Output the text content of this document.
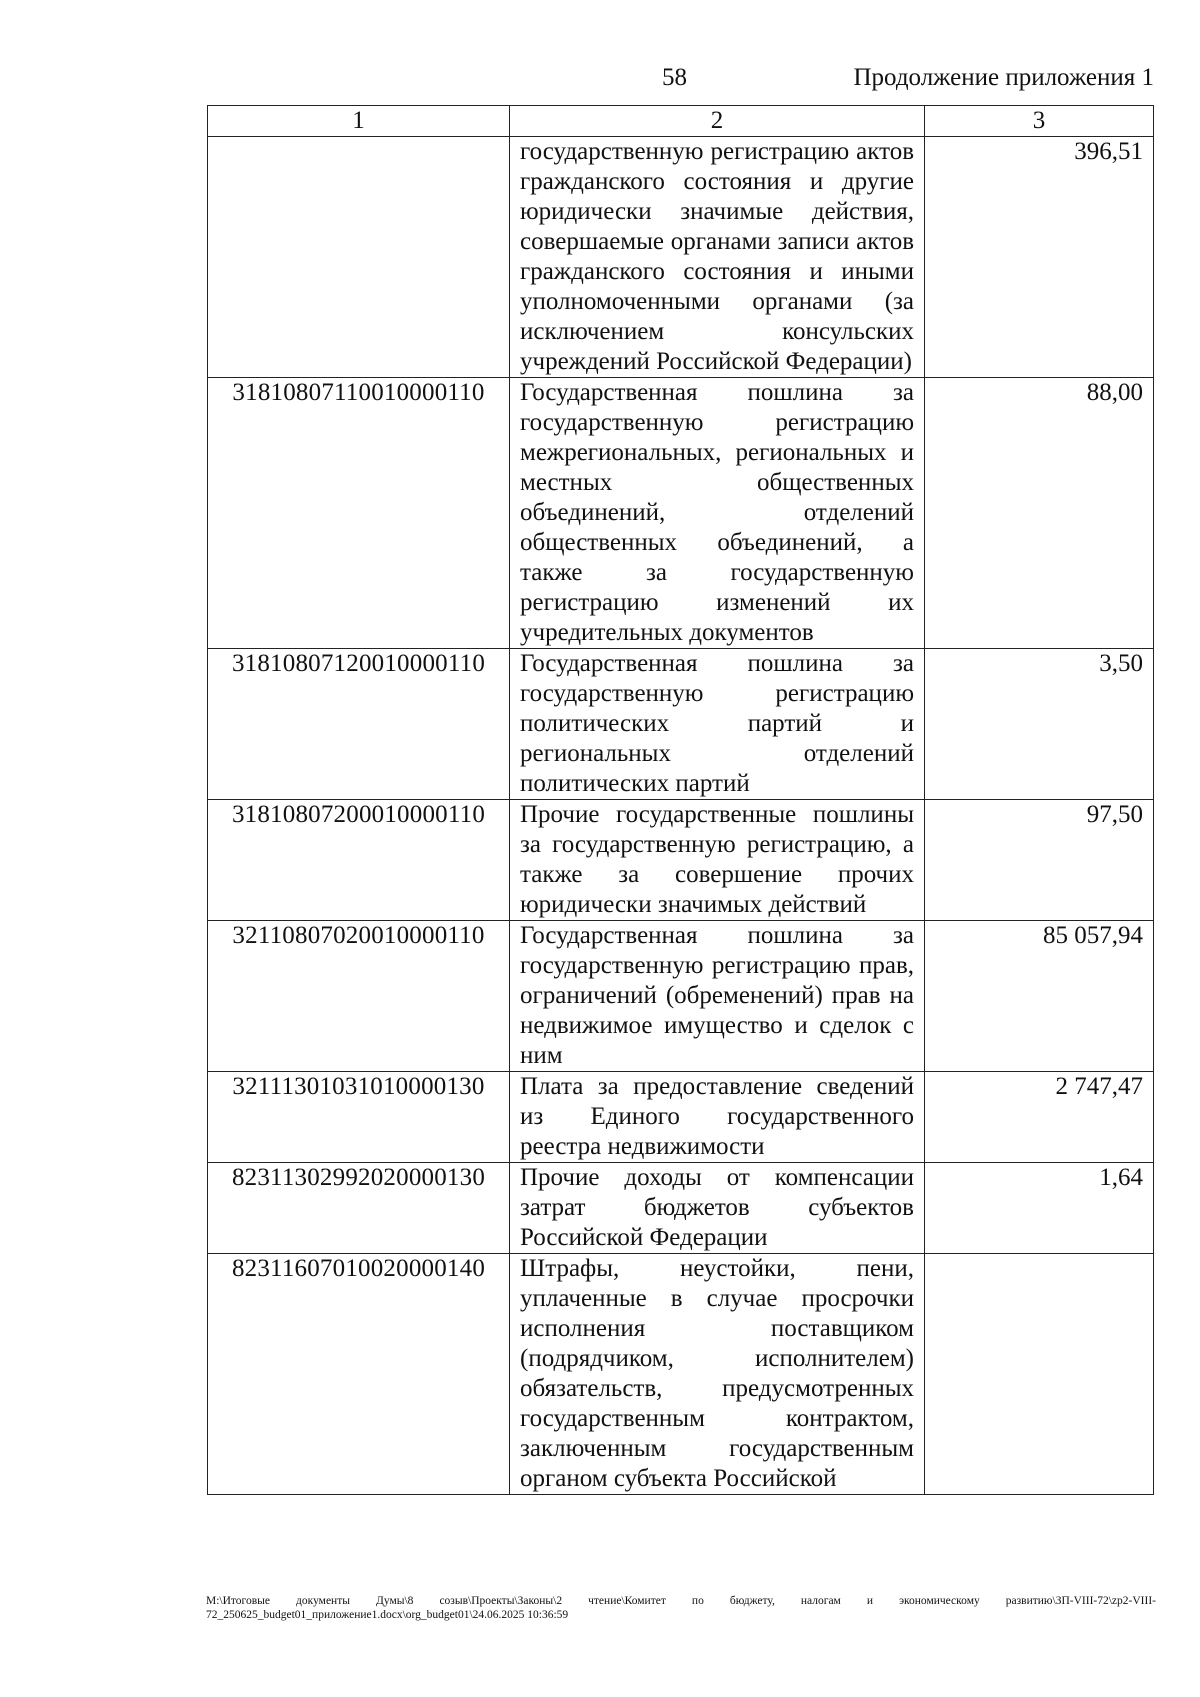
58	Продолжение приложения 1
1	2	3
	государственную регистрацию актов гражданского состояния и другие юридически значимые действия, совершаемые органами записи актов гражданского состояния и иными уполномоченными органами (за исключением консульских учреждений Российской Федерации)	396,51
31810807110010000110	Государственная пошлина за государственную регистрацию межрегиональных, региональных и местных общественных объединений, отделений общественных объединений, а также за государственную регистрацию изменений их учредительных документов	88,00
31810807120010000110	Государственная пошлина за государственную регистрацию политических партий и региональных отделений политических партий	3,50
31810807200010000110	Прочие государственные пошлины за государственную регистрацию, а также за совершение прочих юридически значимых действий	97,50
32110807020010000110	Государственная пошлина за государственную регистрацию прав, ограничений (обременений) прав на недвижимое имущество и сделок с ним	85 057,94
32111301031010000130	Плата за предоставление сведений из Единого государственного реестра недвижимости	2 747,47
82311302992020000130	Прочие доходы от компенсации затрат бюджетов субъектов Российской Федерации	1,64
82311607010020000140	Штрафы, неустойки, пени, уплаченные в случае просрочки исполнения поставщиком (подрядчиком, исполнителем) обязательств, предусмотренных государственным контрактом, заключенным государственным органом субъекта Российской	
M:\Итоговые документы Думы\8 созыв\Проекты\Законы\2 чтение\Комитет по бюджету, налогам и экономическому развитию\ЗП-VIII-72\zp2-VIII-72_250625_budget01_приложение1.docx\org_budget01\24.06.2025 10:36:59
